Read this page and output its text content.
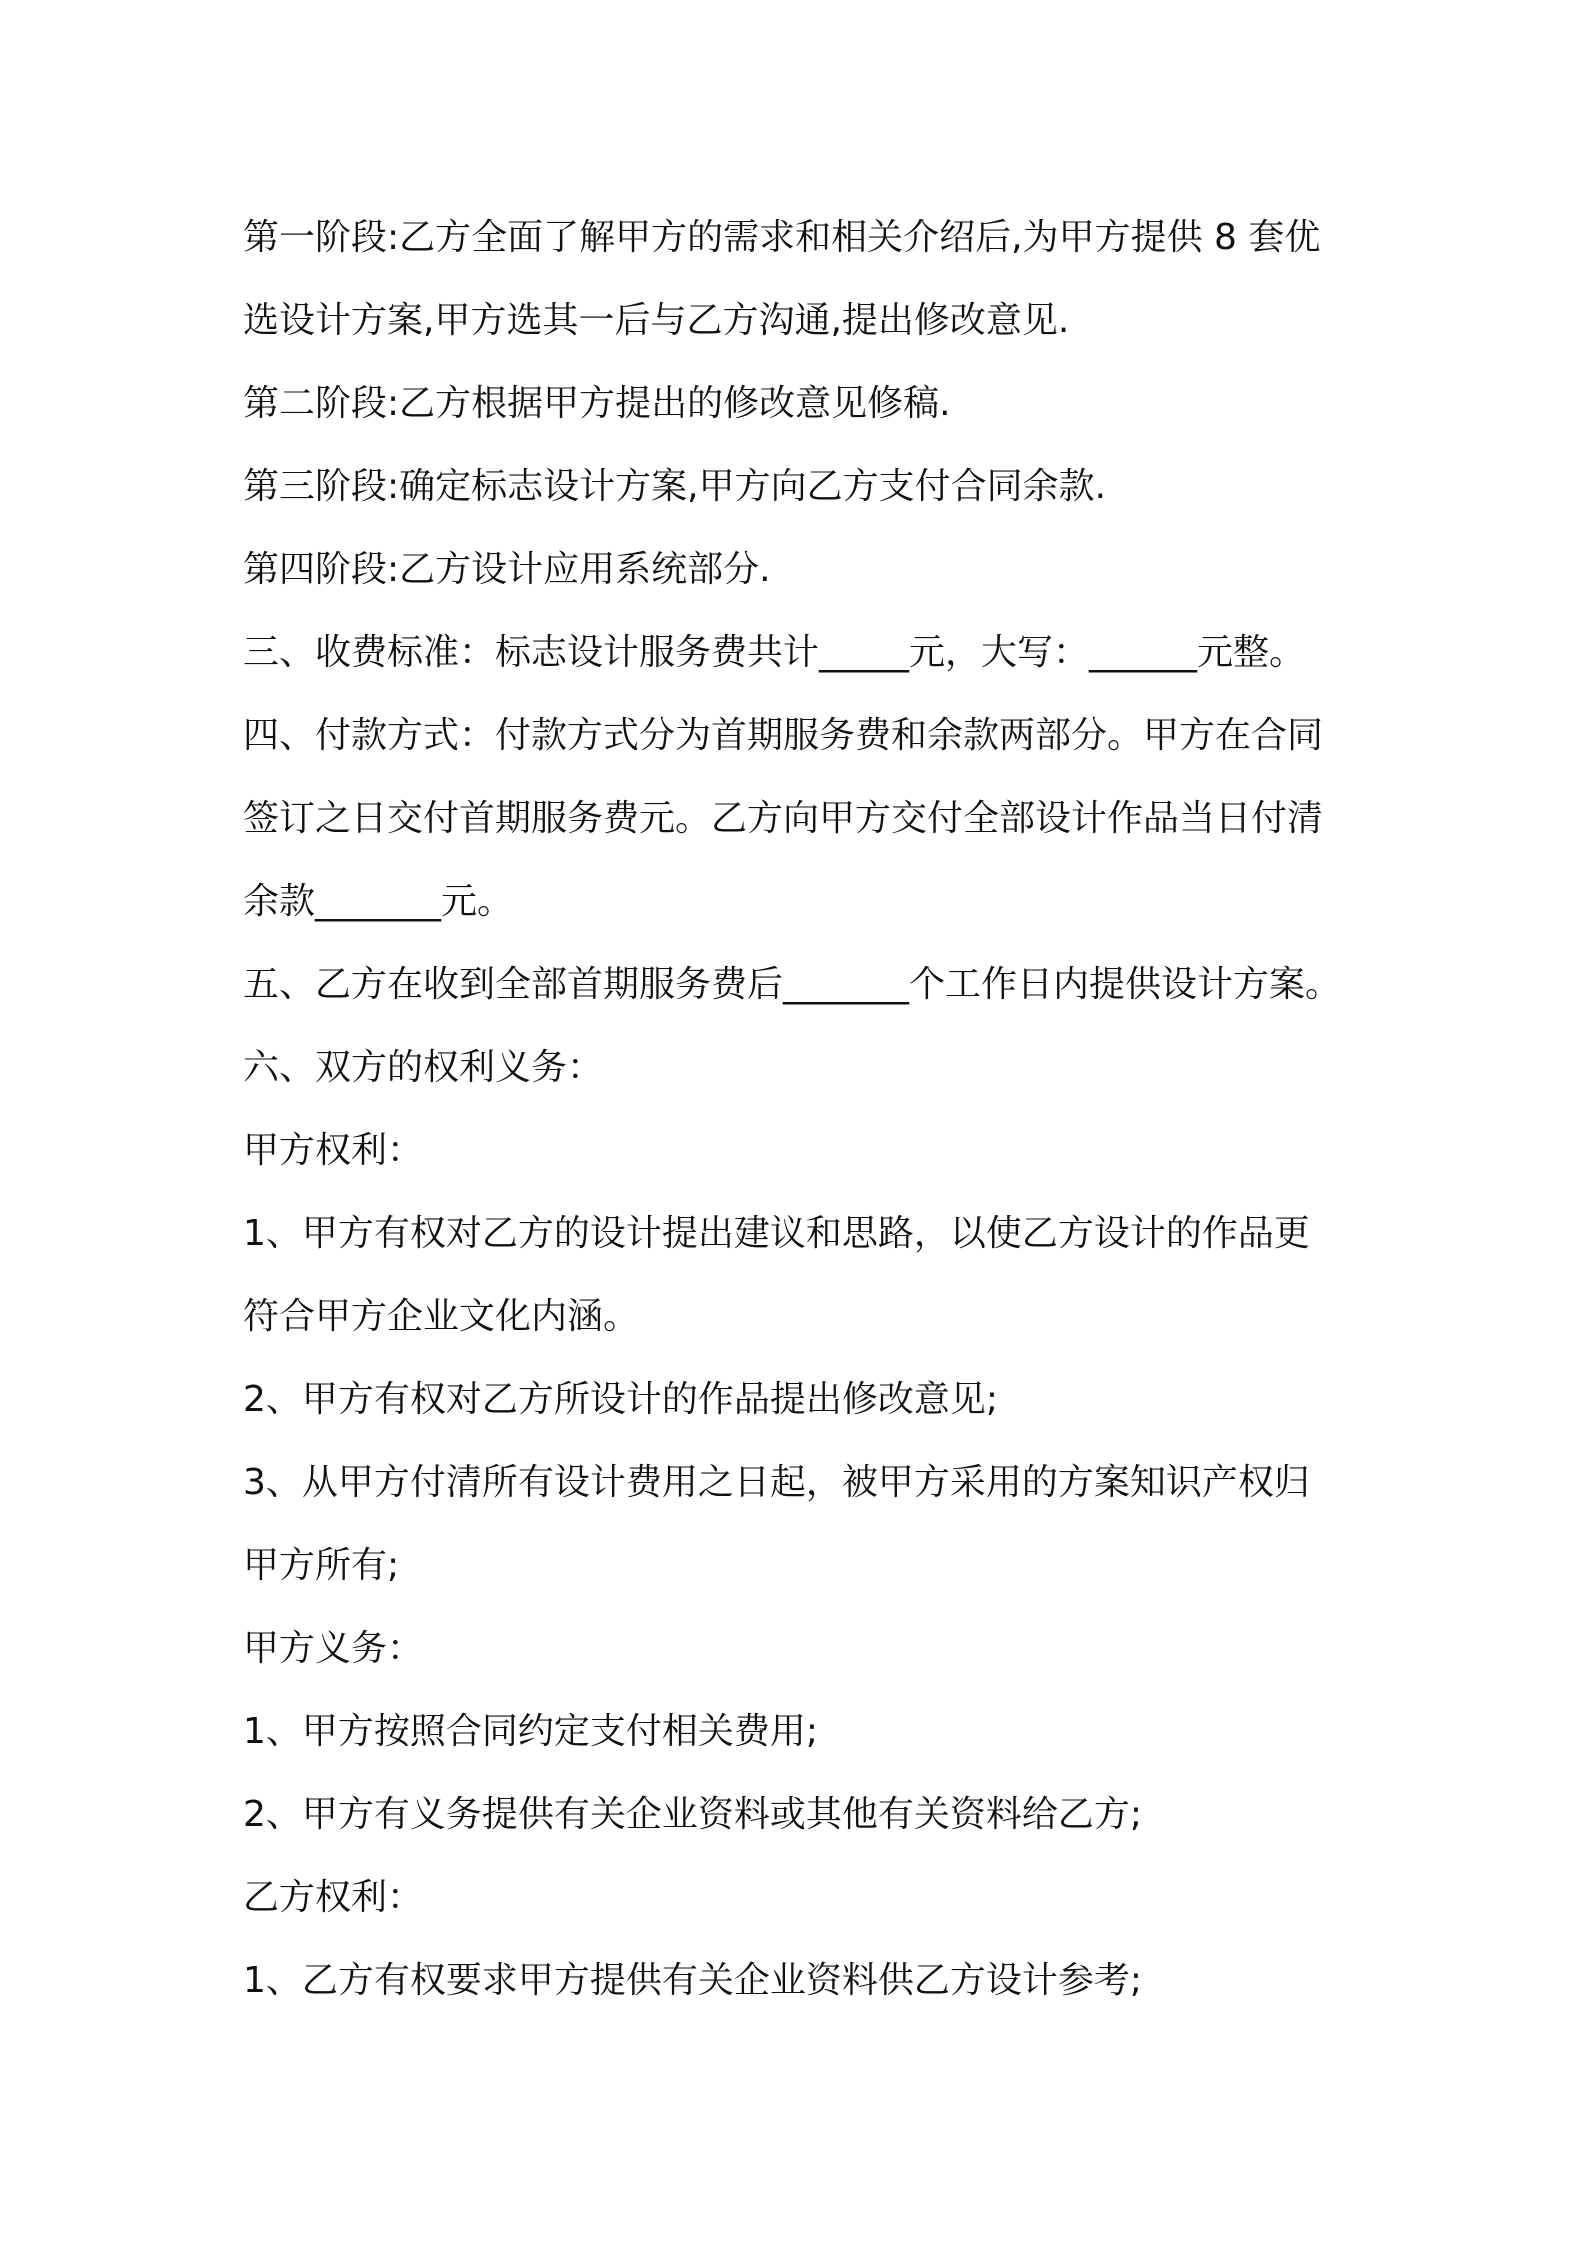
第一阶段:乙方全面了解甲方的需求和相关介绍后,为甲方提供 8 套优
选设计方案,甲方选其一后与乙方沟通,提出修改意见.
第二阶段:乙方根据甲方提出的修改意见修稿.
第三阶段:确定标志设计方案,甲方向乙方支付合同余款.
第四阶段:乙方设计应用系统部分.
三、收费标准：标志设计服务费共计_____元，大写：______元整。
四、付款方式：付款方式分为首期服务费和余款两部分。甲方在合同
签订之日交付首期服务费元。乙方向甲方交付全部设计作品当日付清
余款_______元。
五、乙方在收到全部首期服务费后_______个工作日内提供设计方案。
六、双方的权利义务：
甲方权利：
1、甲方有权对乙方的设计提出建议和思路，以使乙方设计的作品更
符合甲方企业文化内涵。
2、甲方有权对乙方所设计的作品提出修改意见;
3、从甲方付清所有设计费用之日起，被甲方采用的方案知识产权归
甲方所有;
甲方义务：
1、甲方按照合同约定支付相关费用;
2、甲方有义务提供有关企业资料或其他有关资料给乙方;
乙方权利：
1、乙方有权要求甲方提供有关企业资料供乙方设计参考;
